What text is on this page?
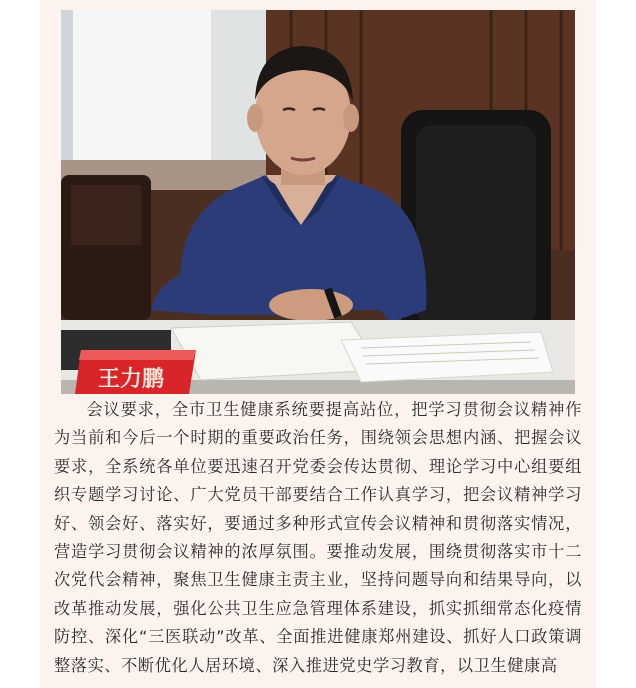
王力鹏

会议要求，全市卫生健康系统要提高站位，把学习贯彻会议精神作为当前和今后一个时期的重要政治任务，围绕领会思想内涵、把握会议要求，全系统各单位要迅速召开党委会传达贯彻、理论学习中心组要组织专题学习讨论、广大党员干部要结合工作认真学习，把会议精神学习好、领会好、落实好，要通过多种形式宣传会议精神和贯彻落实情况，营造学习贯彻会议精神的浓厚氛围。要推动发展，围绕贯彻落实市十二次党代会精神，聚焦卫生健康主责主业，坚持问题导向和结果导向，以改革推动发展，强化公共卫生应急管理体系建设，抓实抓细常态化疫情防控、深化“三医联动”改革、全面推进健康郑州建设、抓好人口政策调整落实、不断优化人居环境、深入推进党史学习教育，以卫生健康高
